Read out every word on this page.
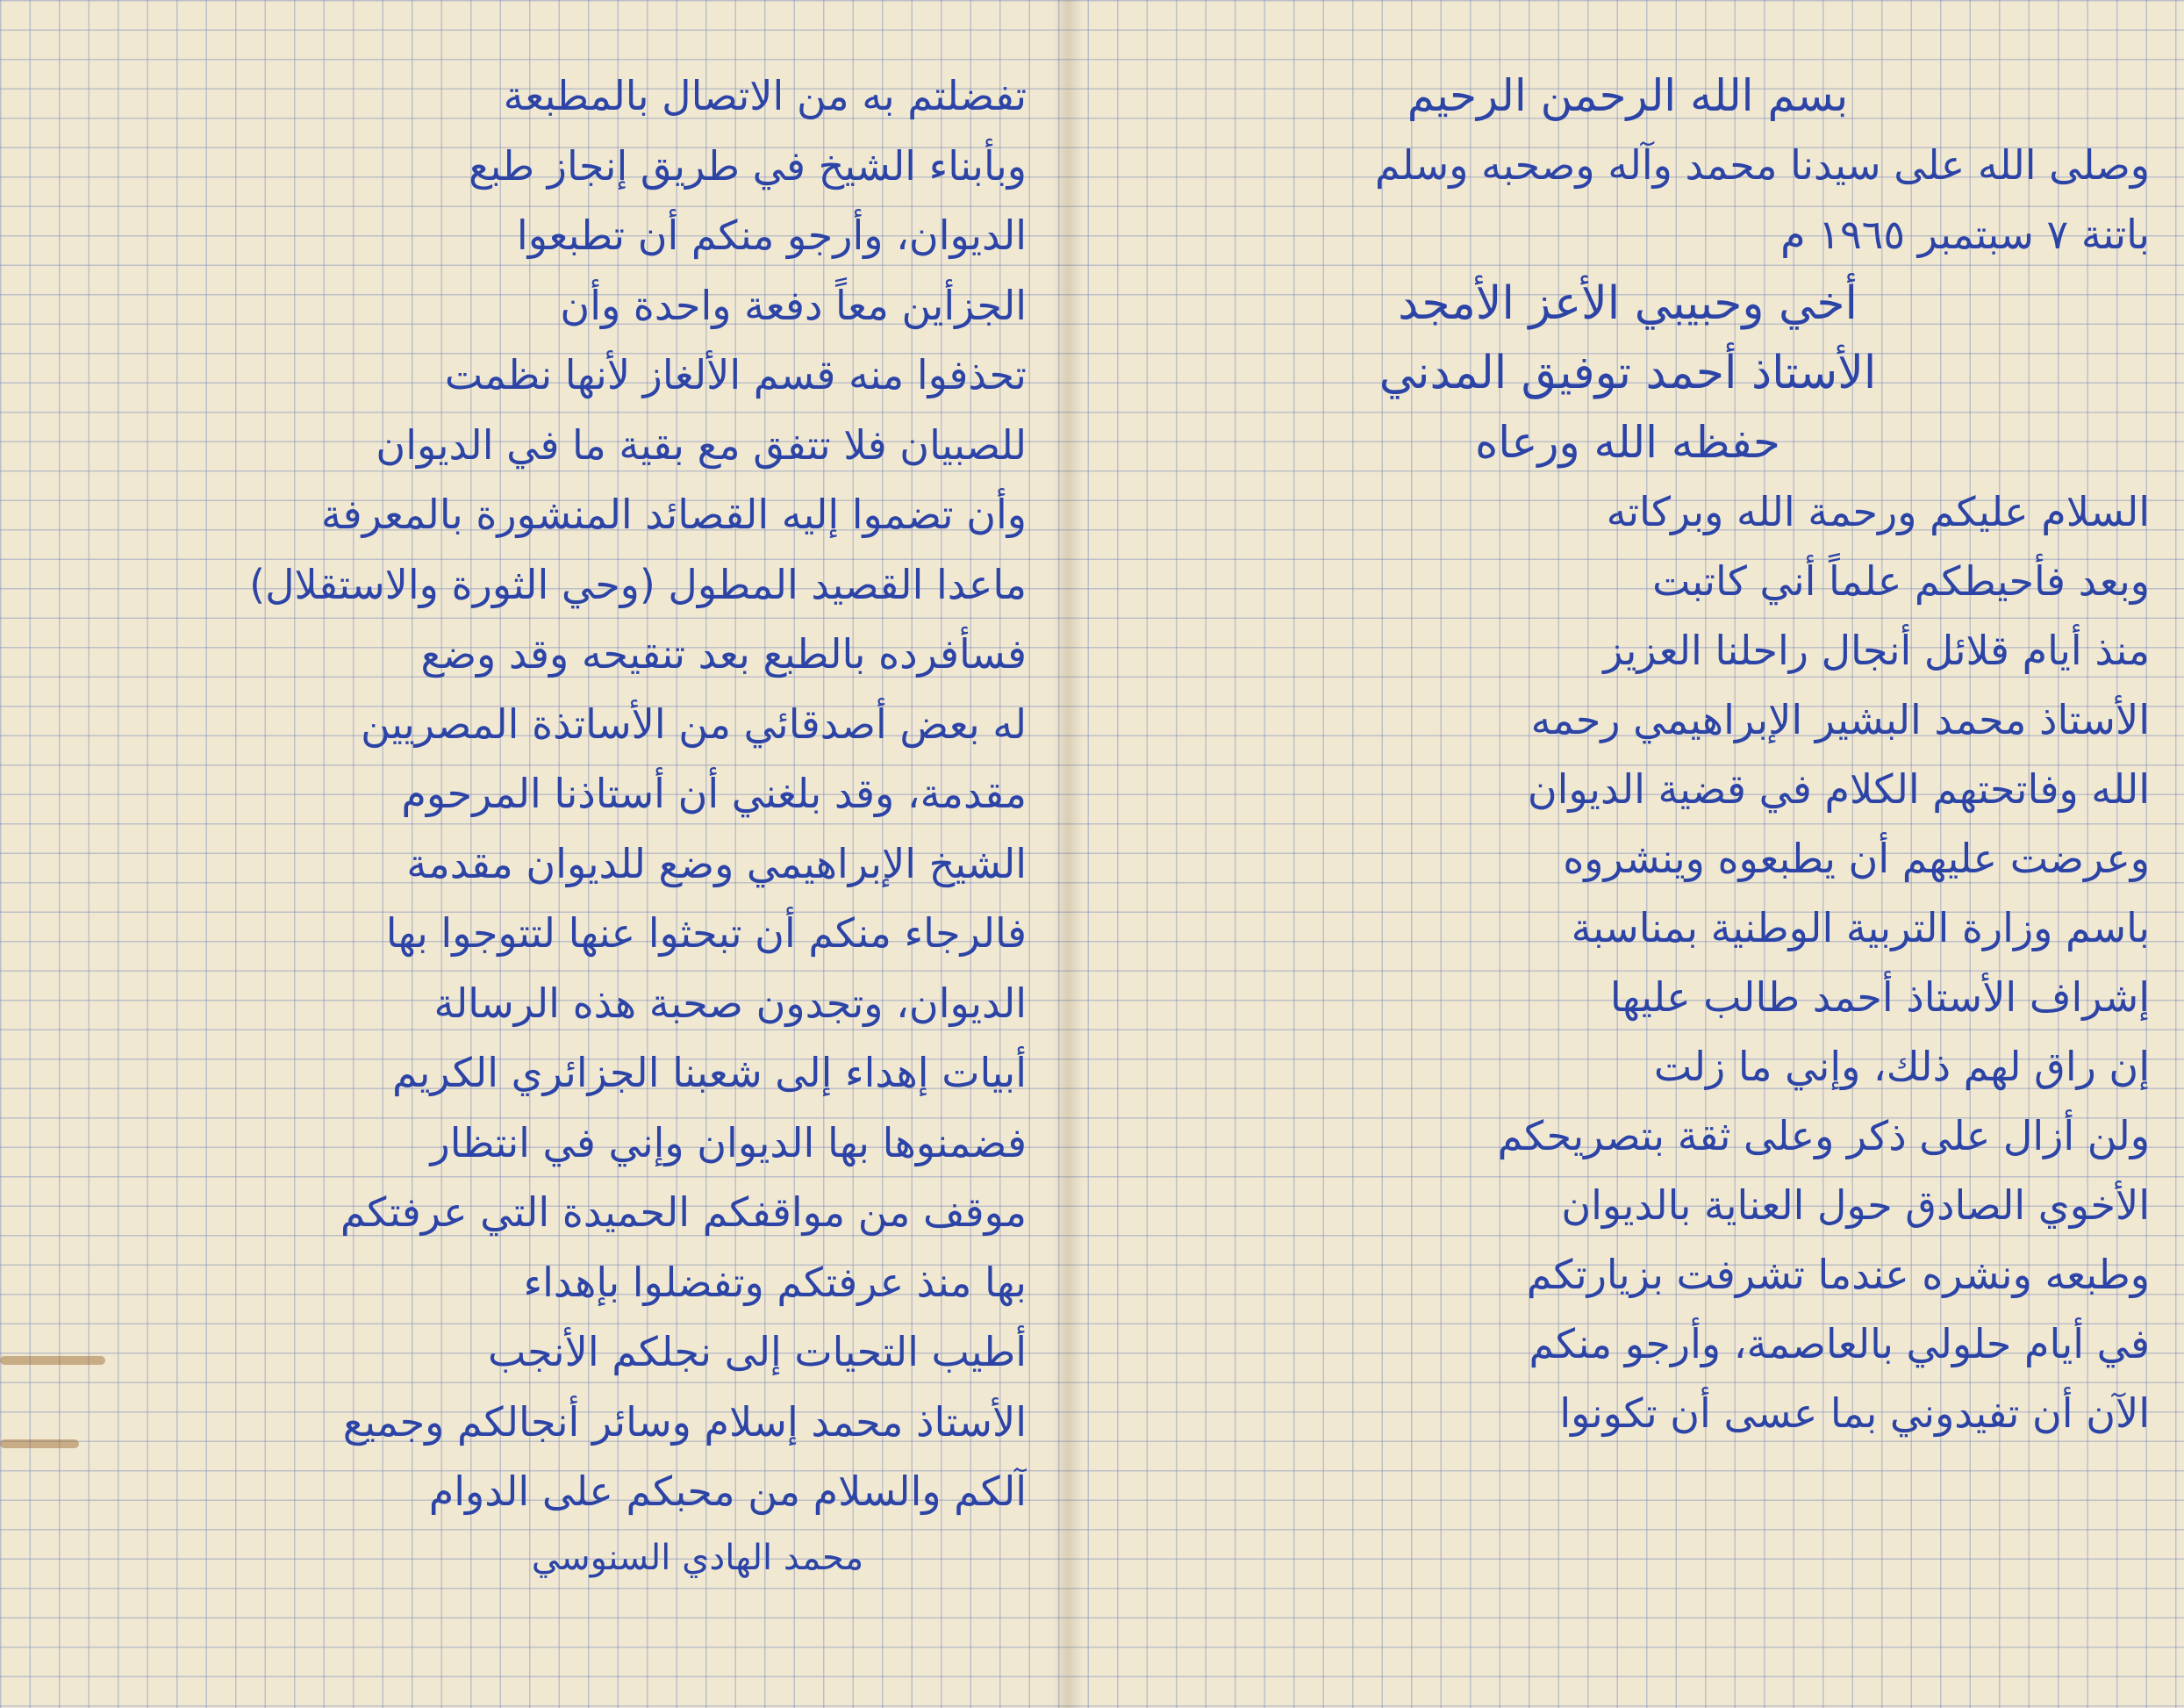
تفضلتم به من الاتصال بالمطبعة
وبأبناء الشيخ في طريق إنجاز طبع
الديوان، وأرجو منكم أن تطبعوا
الجزأين معاً دفعة واحدة وأن
تحذفوا منه قسم الألغاز لأنها نظمت
للصبيان فلا تتفق مع بقية ما في الديوان
وأن تضموا إليه القصائد المنشورة بالمعرفة
ماعدا القصيد المطول (وحي الثورة والاستقلال)
فسأفرده بالطبع بعد تنقيحه وقد وضع
له بعض أصدقائي من الأساتذة المصريين
مقدمة، وقد بلغني أن أستاذنا المرحوم
الشيخ الإبراهيمي وضع للديوان مقدمة
فالرجاء منكم أن تبحثوا عنها لتتوجوا بها
الديوان، وتجدون صحبة هذه الرسالة
أبيات إهداء إلى شعبنا الجزائري الكريم
فضمنوها بها الديوان وإني في انتظار
موقف من مواقفكم الحميدة التي عرفتكم
بها منذ عرفتكم وتفضلوا بإهداء
أطيب التحيات إلى نجلكم الأنجب
الأستاذ محمد إسلام وسائر أنجالكم وجميع
آلكم والسلام من محبكم على الدوام
محمد الهادي السنوسي
بسم الله الرحمن الرحيم
وصلى الله على سيدنا محمد وآله وصحبه وسلم
باتنة ٧ سبتمبر ١٩٦٥ م
أخي وحبيبي الأعز الأمجد
الأستاذ أحمد توفيق المدني
حفظه الله ورعاه
السلام عليكم ورحمة الله وبركاته
وبعد فأحيطكم علماً أني كاتبت
منذ أيام قلائل أنجال راحلنا العزيز
الأستاذ محمد البشير الإبراهيمي رحمه
الله وفاتحتهم الكلام في قضية الديوان
وعرضت عليهم أن يطبعوه وينشروه
باسم وزارة التربية الوطنية بمناسبة
إشراف الأستاذ أحمد طالب عليها
إن راق لهم ذلك، وإني ما زلت
ولن أزال على ذكر وعلى ثقة بتصريحكم
الأخوي الصادق حول العناية بالديوان
وطبعه ونشره عندما تشرفت بزيارتكم
في أيام حلولي بالعاصمة، وأرجو منكم
الآن أن تفيدوني بما عسى أن تكونوا
